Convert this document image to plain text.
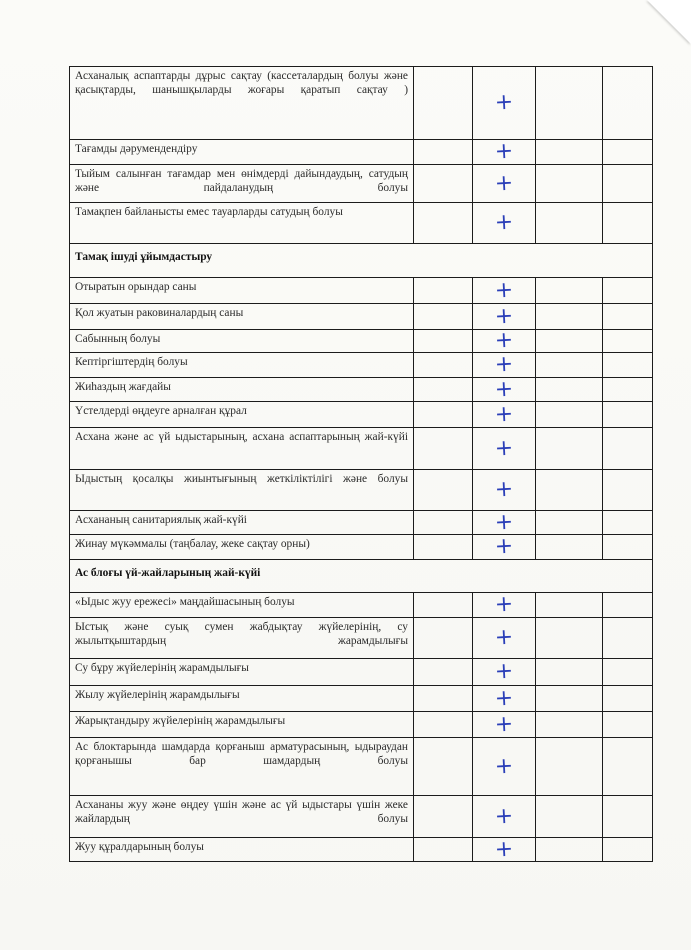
Асханалық аспаптарды дұрыс сақтау (кассеталардың болуы және қасықтарды, шанышқыларды жоғары қаратып сақтау )		+		

Тағамды дәрумендендіру		+		

Тыйым салынған тағамдар мен өнімдерді дайындаудың, сатудың және пайдаланудың болуы		+		

Тамақпен байланысты емес тауарларды сатудың болуы		+		

Тамақ ішуді ұйымдастыру				
Отыратын орындар саны		+		

Қол жуатын раковиналардың саны		+		

Сабынның болуы		+		

Кептіргіштердің болуы		+		

Жиһаздың жағдайы		+		

Үстелдерді өңдеуге арналған құрал		+		

Асхана және ас үй ыдыстарының, асхана аспаптарының жай-күйі		+		

Ыдыстың қосалқы жиынтығының жеткіліктілігі және болуы		+		

Асхананың санитариялық жай-күйі		+		

Жинау мүкәммалы (таңбалау, жеке сақтау орны)		+		

Ас блоғы үй-жайларының жай-күйі				
«Ыдыс жуу ережесі» маңдайшасының болуы		+		

Ыстық және суық сумен жабдықтау жүйелерінің, су жылытқыштардың жарамдылығы		+		

Су бұру жүйелерінің жарамдылығы		+		

Жылу жүйелерінің жарамдылығы		+		

Жарықтандыру жүйелерінің жарамдылығы		+		

Ас блоктарында шамдарда қорғаныш арматурасының, ыдыраудан қорғанышы бар шамдардың болуы		+		

Асхананы жуу және өңдеу үшін және ас үй ыдыстары үшін жеке жайлардың болуы		+		

Жуу құралдарының болуы		+		
